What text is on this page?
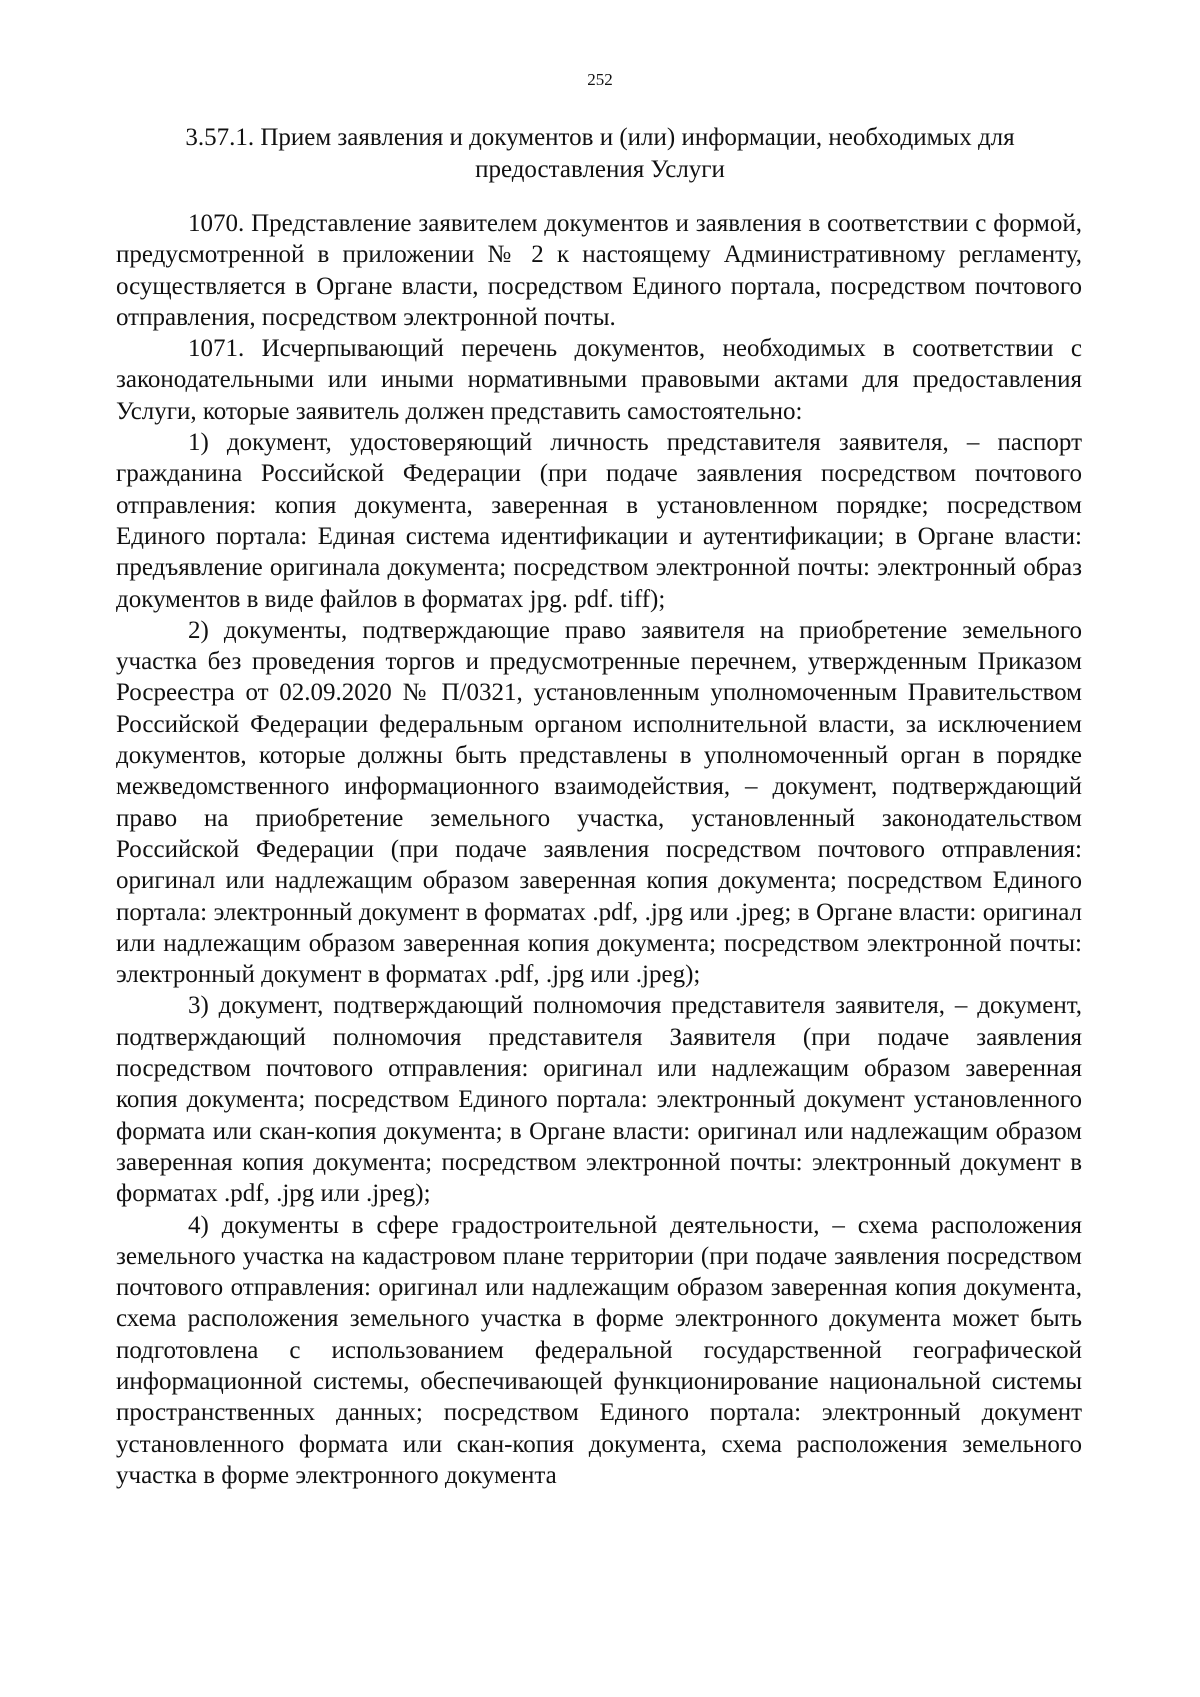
252
3.57.1. Прием заявления и документов и (или) информации, необходимых для предоставления Услуги

1070. Представление заявителем документов и заявления в соответствии с формой, предусмотренной в приложении № 2 к настоящему Административному регламенту, осуществляется в Органе власти, посредством Единого портала, посредством почтового отправления, посредством электронной почты.

1071. Исчерпывающий перечень документов, необходимых в соответствии с законодательными или иными нормативными правовыми актами для предоставления Услуги, которые заявитель должен представить самостоятельно:

1) документ, удостоверяющий личность представителя заявителя, – паспорт гражданина Российской Федерации (при подаче заявления посредством почтового отправления: копия документа, заверенная в установленном порядке; посредством Единого портала: Единая система идентификации и аутентификации; в Органе власти: предъявление оригинала документа; посредством электронной почты: электронный образ документов в виде файлов в форматах jpg. pdf. tiff);

2) документы, подтверждающие право заявителя на приобретение земельного участка без проведения торгов и предусмотренные перечнем, утвержденным Приказом Росреестра от 02.09.2020 № П/0321, установленным уполномоченным Правительством Российской Федерации федеральным органом исполнительной власти, за исключением документов, которые должны быть представлены в уполномоченный орган в порядке межведомственного информационного взаимодействия, – документ, подтверждающий право на приобретение земельного участка, установленный законодательством Российской Федерации (при подаче заявления посредством почтового отправления: оригинал или надлежащим образом заверенная копия документа; посредством Единого портала: электронный документ в форматах .pdf, .jpg или .jpeg; в Органе власти: оригинал или надлежащим образом заверенная копия документа; посредством электронной почты: электронный документ в форматах .pdf, .jpg или .jpeg);

3) документ, подтверждающий полномочия представителя заявителя, – документ, подтверждающий полномочия представителя Заявителя (при подаче заявления посредством почтового отправления: оригинал или надлежащим образом заверенная копия документа; посредством Единого портала: электронный документ установленного формата или скан-копия документа; в Органе власти: оригинал или надлежащим образом заверенная копия документа; посредством электронной почты: электронный документ в форматах .pdf, .jpg или .jpeg);

4) документы в сфере градостроительной деятельности, – схема расположения земельного участка на кадастровом плане территории (при подаче заявления посредством почтового отправления: оригинал или надлежащим образом заверенная копия документа, схема расположения земельного участка в форме электронного документа может быть подготовлена с использованием федеральной государственной географической информационной системы, обеспечивающей функционирование национальной системы пространственных данных; посредством Единого портала: электронный документ установленного формата или скан-копия документа, схема расположения земельного участка в форме электронного документа
